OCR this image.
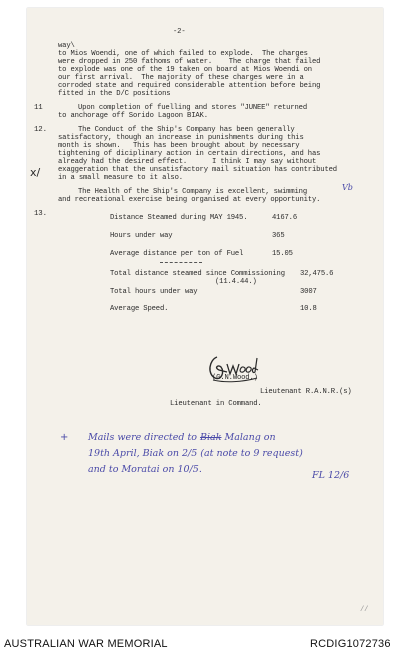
-2-
way\
to Mios Woendi, one of which failed to explode.  The charges
were dropped in 250 fathoms of water.    The charge that failed
to explode was one of the 19 taken on board at Mios Woendi on
our first arrival.  The majority of these charges were in a
corroded state and required considerable attention before being
fitted in the D/C positions
11	Upon completion of fuelling and stores "JUNEE" returned
to anchorage off Sorido Lagoon BIAK.
12.	The Conduct of the Ship's Company has been generally
satisfactory, though an increase in punishments during this
month is shown.   This has been brought about by necessary
tightening of diciplinary action in certain directions, and has
already had the desired effect.      I think I may say without
exaggeration that the unsatisfactory mail situation has contributed
in a small measure to it also.
x/
The Health of the Ship's Company is excellent, swimming
and recreational exercise being organised at every opportunity.
Vb
13.	Distance Steamed during MAY 1945.	4167.6
Hours under way	365
Average distance per ton of Fuel	15.05
Total distance steamed since Commissioning 32,475.6
(11.4.44.)
Total hours under way	3007
Average Speed.	10.8
(G.N.Wood.)
Lieutenant R.A.N.R.(s)
Lieutenant in Command.
+ Mails were directed to Biak Malang on
19th April, Biak on 2/5 (at note to 9 request)
and to Moratai on 10/5.
FL 12/6
//
AUSTRALIAN WAR MEMORIAL	RCDIG1072736
